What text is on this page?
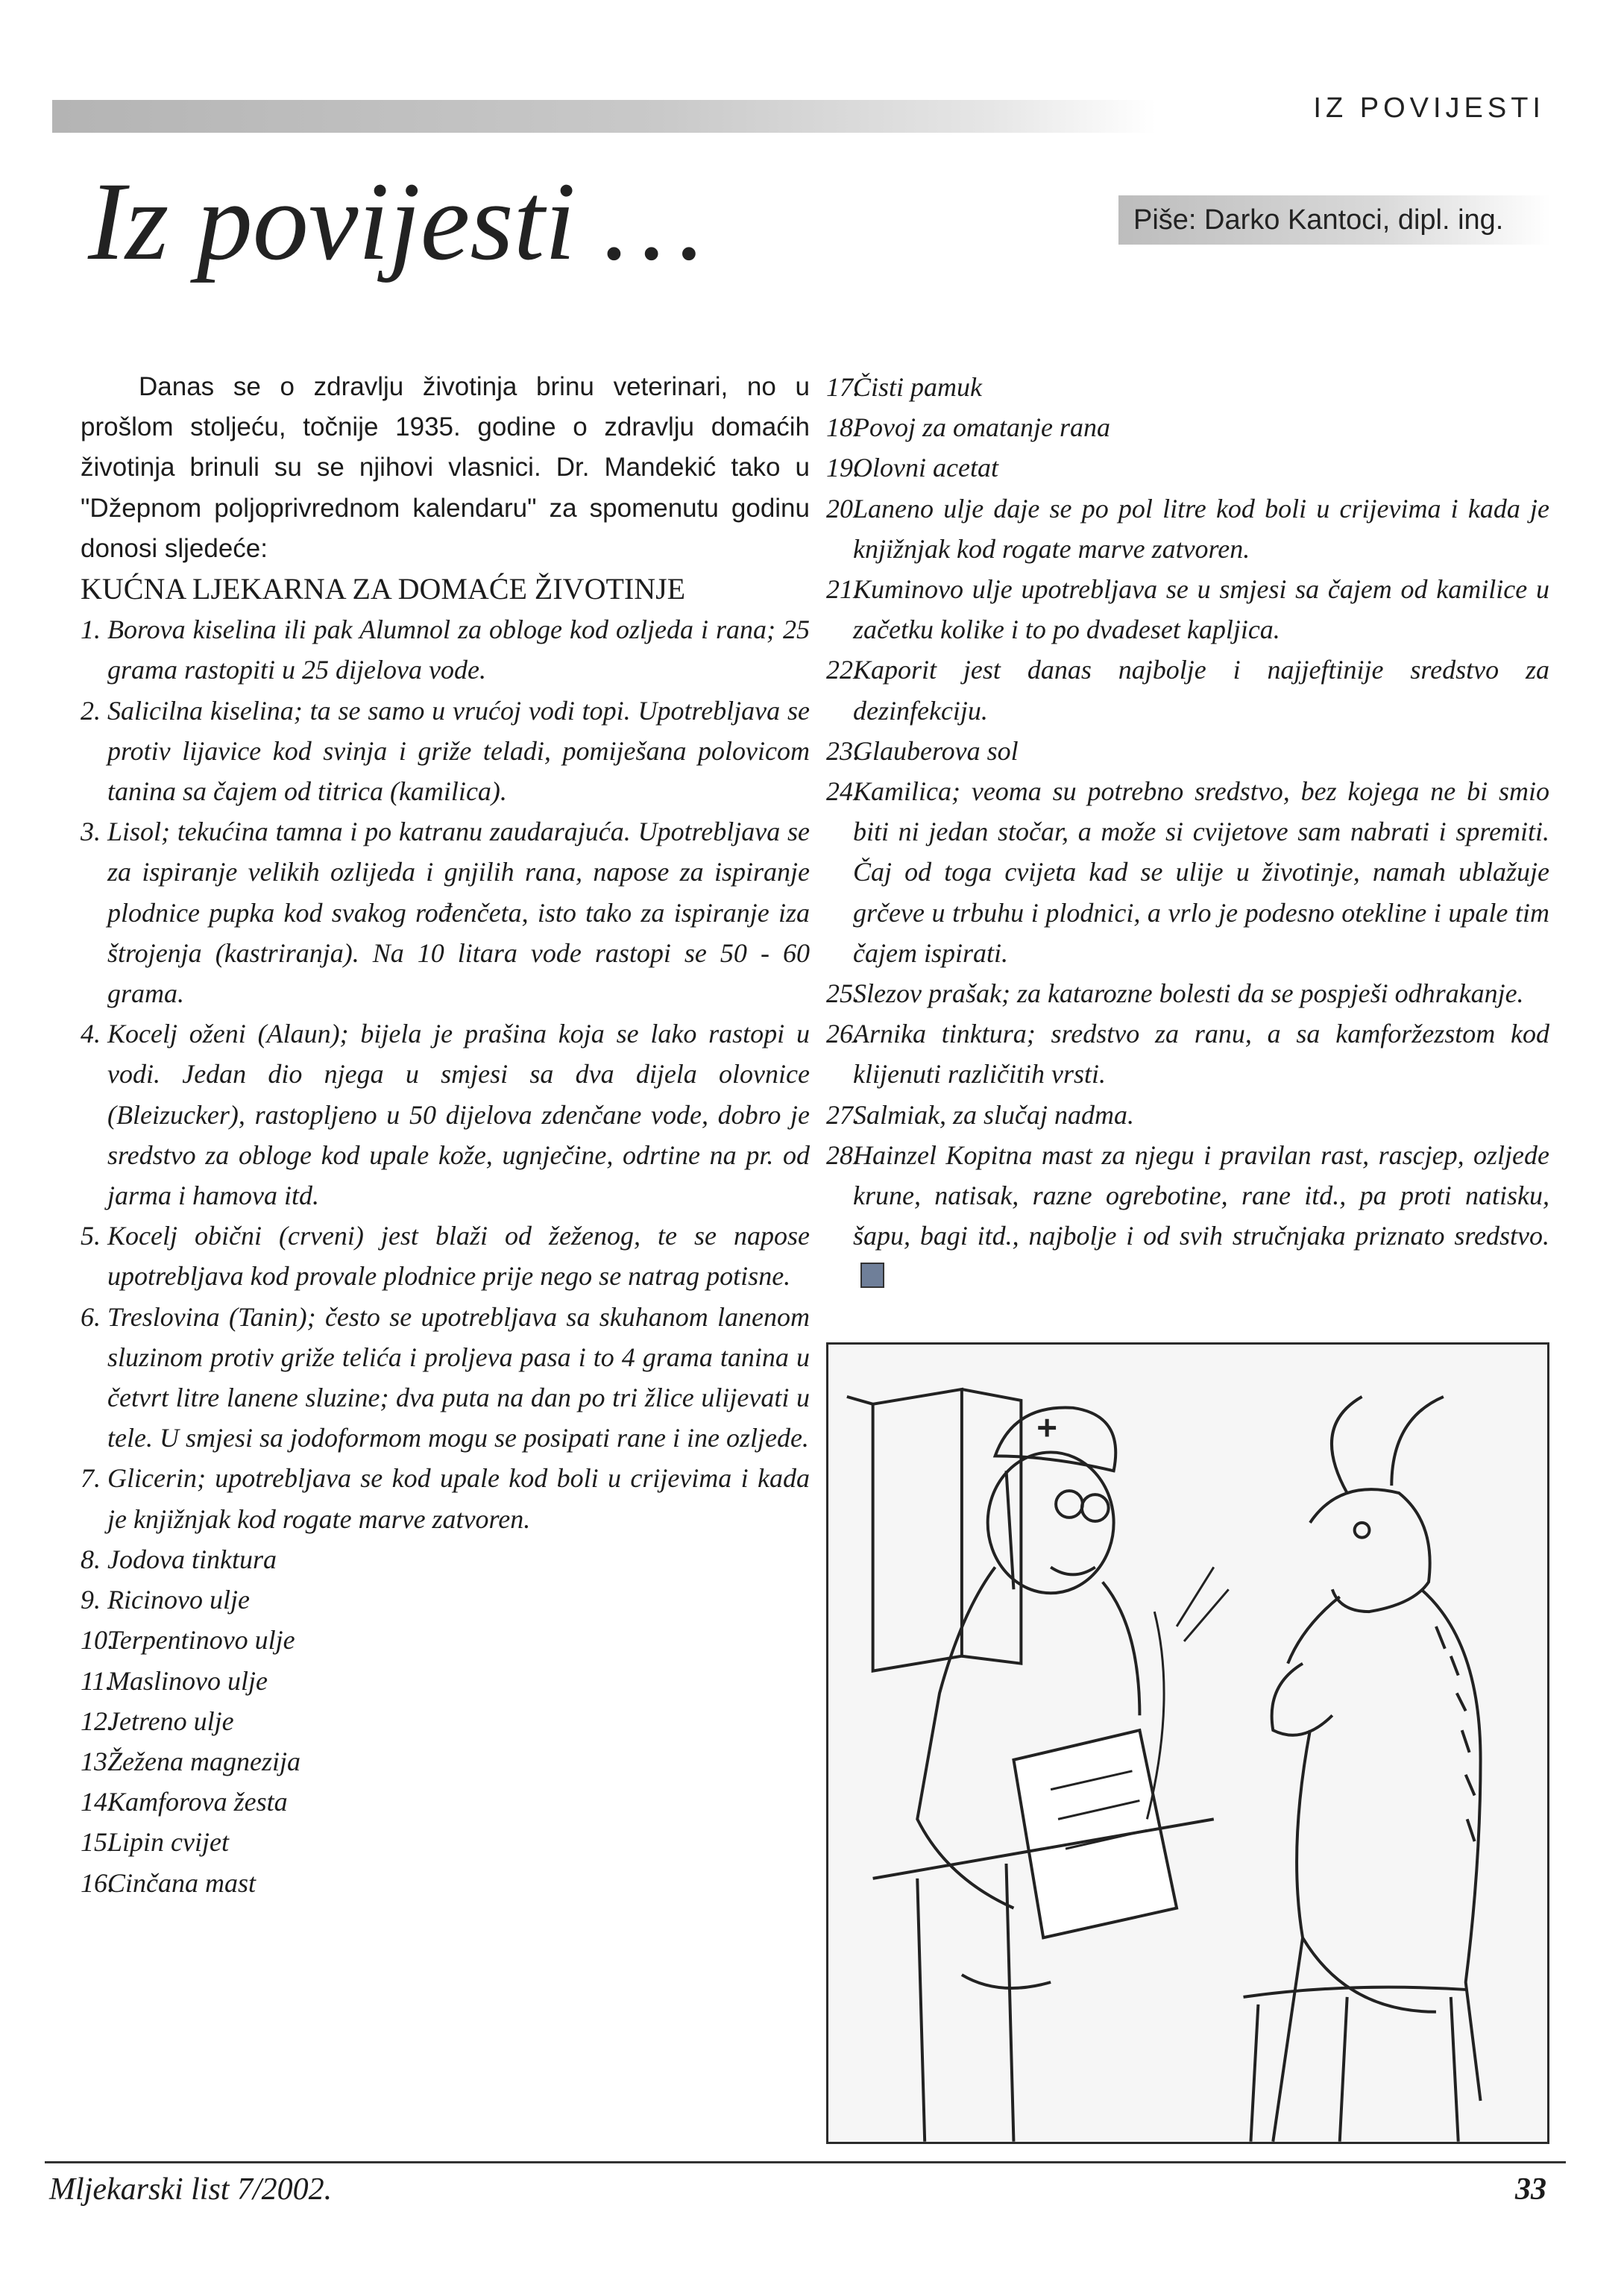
IZ POVIJESTI
Iz povijesti …	Piše: Darko Kantoci, dipl. ing.

Danas se o zdravlju životinja brinu veterinari, no u prošlom stoljeću, točnije 1935. godine o zdravlju domaćih životinja brinuli su se njihovi vlasnici. Dr. Mandekić tako u "Džepnom poljoprivrednom kalendaru" za spomenutu godinu donosi sljedeće:

KUĆNA LJEKARNA ZA DOMAĆE ŽIVOTINJE

1. Borova kiselina ili pak Alumnol za obloge kod ozljeda i rana; 25 grama rastopiti u 25 dijelova vode.

2. Salicilna kiselina; ta se samo u vrućoj vodi topi. Upotrebljava se protiv lijavice kod svinja i griže teladi, pomiješana polovicom tanina sa čajem od titrica (kamilica).

3. Lisol; tekućina tamna i po katranu zaudarajuća. Upotrebljava se za ispiranje velikih ozlijeda i gnjilih rana, napose za ispiranje plodnice pupka kod svakog rođenčeta, isto tako za ispiranje iza štrojenja (kastriranja). Na 10 litara vode rastopi se 50 - 60 grama.

4. Kocelj oženi (Alaun); bijela je prašina koja se lako rastopi u vodi. Jedan dio njega u smjesi sa dva dijela olovnice (Bleizucker), rastopljeno u 50 dijelova zdenčane vode, dobro je sredstvo za obloge kod upale kože, ugnječine, odrtine na pr. od jarma i hamova itd.

5. Kocelj obični (crveni) jest blaži od žeženog, te se napose upotrebljava kod provale plodnice prije nego se natrag potisne.

6. Treslovina (Tanin); često se upotrebljava sa skuhanom lanenom sluzinom protiv griže telića i proljeva pasa i to 4 grama tanina u četvrt litre lanene sluzine; dva puta na dan po tri žlice ulijevati u tele. U smjesi sa jodoformom mogu se posipati rane i ine ozljede.

7. Glicerin; upotrebljava se kod upale kod boli u crijevima i kada je knjižnjak kod rogate marve zatvoren.

8. Jodova tinktura

9. Ricinovo ulje

10.
Terpentinovo ulje

11.
Maslinovo ulje

12.
Jetreno ulje

13.
Žežena magnezija

14.
Kamforova žesta

15.
Lipin cvijet

16.
Cinčana mast

17.
Čisti pamuk

18.
Povoj za omatanje rana

19.
Olovni acetat

20.
Laneno ulje daje se po pol litre kod boli u crijevima i kada je knjižnjak kod rogate marve zatvoren.

21.
Kuminovo ulje upotrebljava se u smjesi sa čajem od kamilice u začetku kolike i to po dvadeset kapljica.

22.
Kaporit jest danas najbolje i najjeftinije sredstvo za dezinfekciju.

23.
Glauberova sol

24.
Kamilica; veoma su potrebno sredstvo, bez kojega ne bi smio biti ni jedan stočar, a može si cvijetove sam nabrati i spremiti. Čaj od toga cvijeta kad se ulije u životinje, namah ublažuje grčeve u trbuhu i plodnici, a vrlo je podesno otekline i upale tim čajem ispirati.

25.
Slezov prašak; za katarozne bolesti da se pospješi odhrakanje.

26.
Arnika tinktura; sredstvo za ranu, a sa kamforžezstom kod klijenuti različitih vrsti.

27.
Salmiak, za slučaj nadma.

28.
Hainzel Kopitna mast za njegu i pravilan rast, rascjep, ozljede krune, natisak, razne ogrebotine, rane itd., pa proti natisku, šapu, bagi itd., najbolje i od svih stručnjaka priznato sredstvo.

Mljekarski list 7/2002.	33
